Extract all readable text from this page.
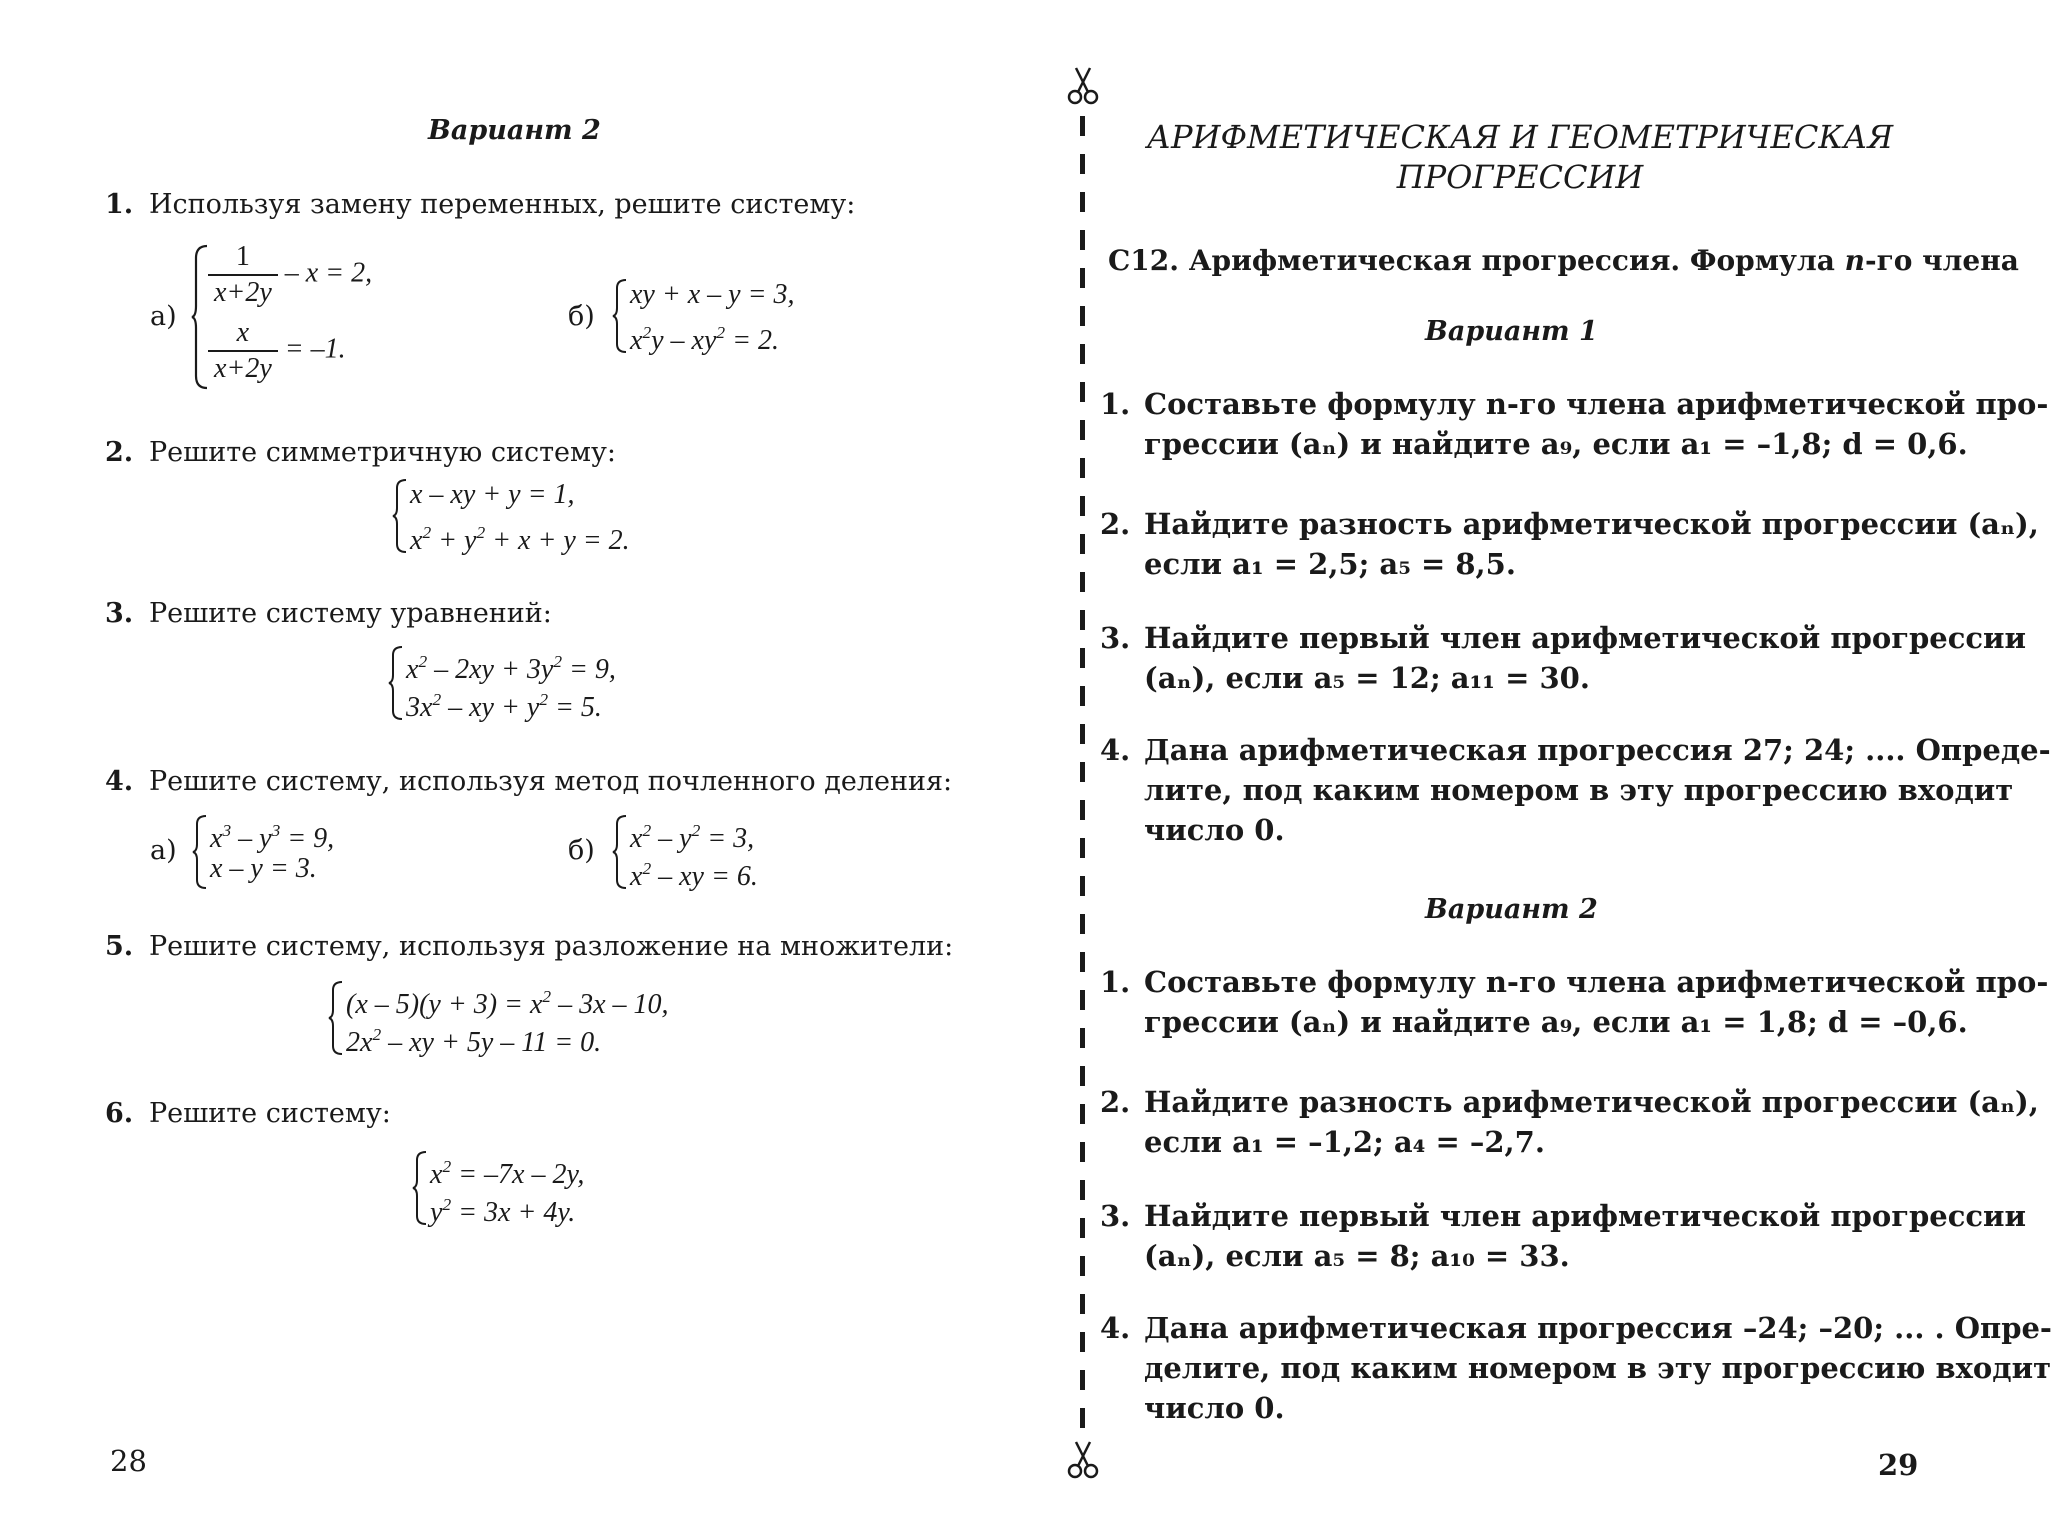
Вариант 2
1. Используя замену переменных, решите систему:
а)
$\frac{1}{x+2y} - x = 2$,
$\frac{x}{x+2y} = -1$.
б)
xy + x – y = 3,
$x^2y - xy^2 = 2$.
2. Решите симметричную систему:
x – xy + y = 1,
$x^2 + y^2 + x + y = 2$.
3. Решите систему уравнений:
$x^2 - 2xy + 3y^2 = 9$,
$3x^2$ – xy + $y^2 = 5$.
4. Решите систему, используя метод почленного деления:
а) $x^3 - y^3 = 9$,
x – y = 3.
б) $x^2 - y^2 = 3$,
$x^2$ – xy = 6.
5. Решите систему, используя разложение на множители:
$(x - 5)(y + 3) = x^2 - 3x - 10$,
$2x^2$ – xy + 5y – 11 = 0.
6. Решите систему:
$x^2 = -7x - 2y$,
$y^2 = 3x + 4y$.
28
АРИФМЕТИЧЕСКАЯ И ГЕОМЕТРИЧЕСКАЯ
ПРОГРЕССИИ
С12. Арифметическая прогрессия. Формула n-го члена
Вариант 1
1. Составьте формулу n-го члена арифметической про-
грессии (aₙ) и найдите a₉, если a₁ = –1,8; d = 0,6.
2. Найдите разность арифметической прогрессии (aₙ),
если a₁ = 2,5; a₅ = 8,5.
3. Найдите первый член арифметической прогрессии
(aₙ), если a₅ = 12; a₁₁ = 30.
4. Дана арифметическая прогрессия 27; 24; .... Опреде-
лите, под каким номером в эту прогрессию входит
число 0.
Вариант 2
1. Составьте формулу n-го члена арифметической про-
грессии (aₙ) и найдите a₉, если a₁ = 1,8; d = –0,6.
2. Найдите разность арифметической прогрессии (aₙ),
если a₁ = –1,2; a₄ = –2,7.
3. Найдите первый член арифметической прогрессии
(aₙ), если a₅ = 8; a₁₀ = 33.
4. Дана арифметическая прогрессия –24; –20; ... . Опре-
делите, под каким номером в эту прогрессию входит
число 0.
29
